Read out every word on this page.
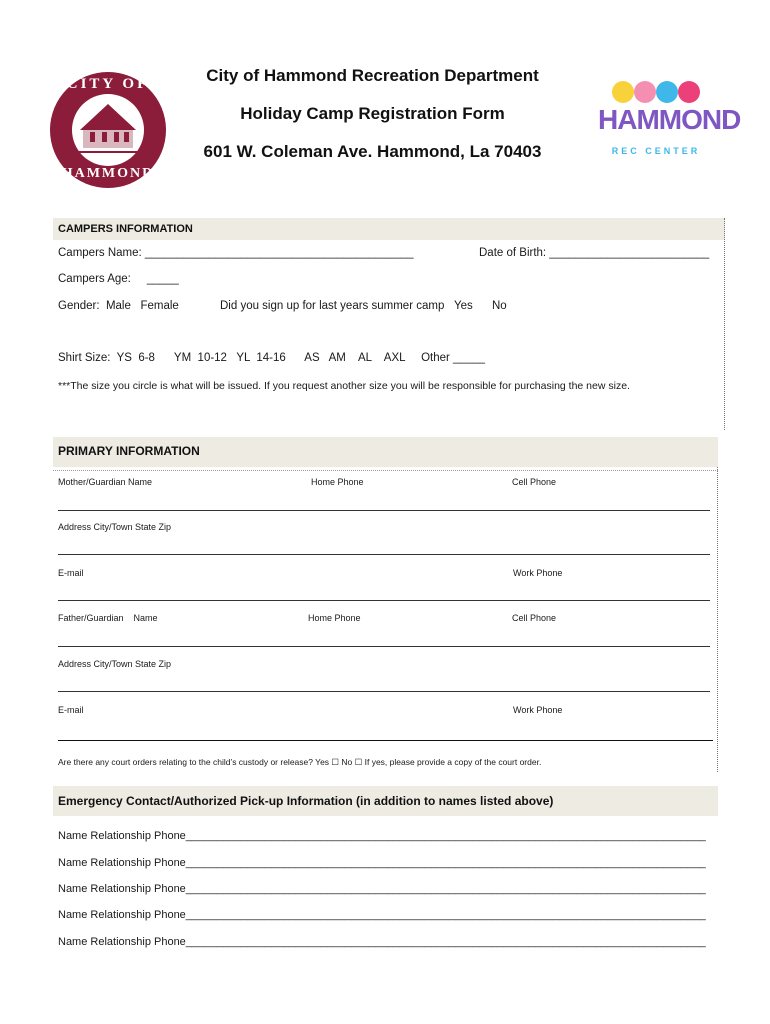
CITY OF
HAMMOND
City of Hammond Recreation Department
Holiday Camp Registration Form
601 W. Coleman Ave. Hammond, La 70403
HAMMOND
REC CENTER
CAMPERS INFORMATION
Campers Name: __________________________________________	Date of Birth: _________________________
Campers Age:     _____
Gender:  Male   Female	Did you sign up for last years summer camp Yes No
Shirt Size:  YS  6-8      YM  10-12   YL  14-16      AS   AM    AL    AXL     Other _____
***The size you circle is what will be issued. If you request another size you will be responsible for purchasing the new size.
PRIMARY INFORMATION
Mother/Guardian Name	Home Phone	Cell Phone
Address City/Town State Zip
E-mail	Work Phone
Father/Guardian    Name	Home Phone	Cell Phone
Address City/Town State Zip
E-mail	Work Phone
Are there any court orders relating to the child’s custody or release? Yes ☐ No ☐ If yes, please provide a copy of the court order.
Emergency Contact/Authorized Pick-up Information (in addition to names listed above)
Name Relationship Phone_____________________________________________________________________________________
Name Relationship Phone_____________________________________________________________________________________
Name Relationship Phone_____________________________________________________________________________________
Name Relationship Phone_____________________________________________________________________________________
Name Relationship Phone_____________________________________________________________________________________
